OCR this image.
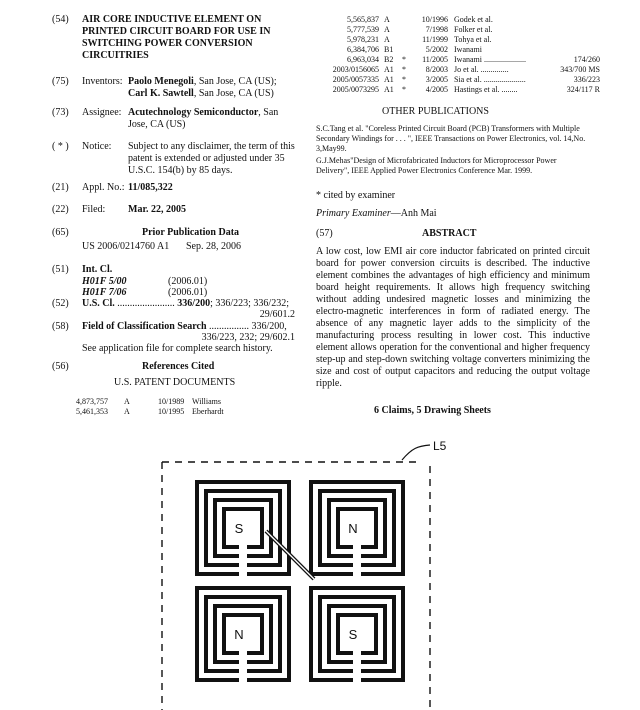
(54) AIR CORE INDUCTIVE ELEMENT ON PRINTED CIRCUIT BOARD FOR USE IN SWITCHING POWER CONVERSION CIRCUITRIES
(75) Inventors: Paolo Menegoli, San Jose, CA (US);
Carl K. Sawtell, San Jose, CA (US)
(73) Assignee: Acutechnology Semiconductor, San Jose, CA (US)
( * ) Notice: Subject to any disclaimer, the term of this patent is extended or adjusted under 35 U.S.C. 154(b) by 85 days.
(21) Appl. No.: 11/085,322
(22) Filed: Mar. 22, 2005
(65)	Prior Publication Data
US 2006/0214760 A1 Sep. 28, 2006
(51) Int. Cl.
H01F 5/00	(2006.01)
H01F 7/06	(2006.01)
(52) U.S. Cl. ....................... 336/200; 336/223; 336/232;
29/601.2
(58) Field of Classification Search ................ 336/200,
336/223, 232; 29/602.1
See application file for complete search history.
(56)	References Cited
U.S. PATENT DOCUMENTS
4,873,757	A	10/1989	Williams
5,461,353	A	10/1995	Eberhardt
5,565,837	A		10/1996	Godek et al.	
5,777,539	A		7/1998	Folker et al.	
5,978,231	A		11/1999	Tohya et al.	
6,384,706	B1		5/2002	Iwanami	
6,963,034	B2	*	11/2005	Iwanami .....................	174/260
2003/0156065	A1	*	8/2003	Jo et al. ..............	343/700 MS
2005/0057335	A1	*	3/2005	Sia et al. .....................	336/223
2005/0073295	A1	*	4/2005	Hastings et al. ........	324/117 R
OTHER PUBLICATIONS
S.C.Tang et al. "Coreless Printed Circuit Board (PCB) Transformers with Multiple Secondary Windings for . . . ", IEEE Transactions on Power Electronics, vol. 14,No. 3,May99.
G.J.Mehas"Design of Microfabricated Inductors for Microprocessor Power Delivery", IEEE Applied Power Electronics Conference Mar. 1999.
* cited by examiner
Primary Examiner—Anh Mai
(57)	ABSTRACT
A low cost, low EMI air core inductor fabricated on printed circuit board for power conversion circuits is described. The inductive element combines the advantages of high efficiency and minimum board height requirements. It allows high frequency switching without adding undesired magnetic losses and minimizing the electro-magnetic interferences in form of radiated energy. The absence of any magnetic layer adds to the simplicity of the manufacturing process resulting in lower cost. This inductive element allows operation for the conventional and higher frequency step-up and step-down switching voltage converters minimizing the size and cost of output capacitors and reducing the output voltage ripple.
6 Claims, 5 Drawing Sheets
L5
S	N
N	S
